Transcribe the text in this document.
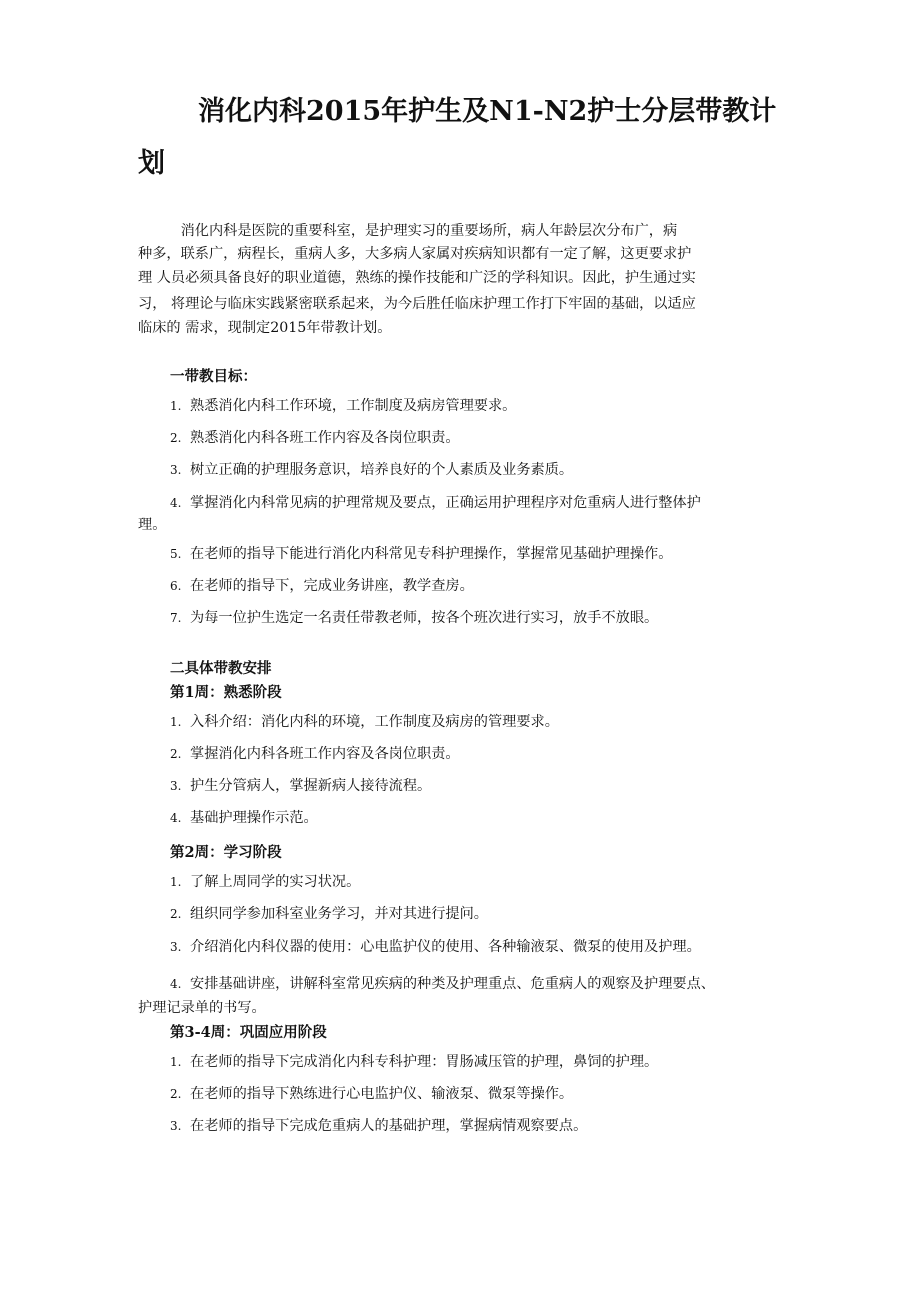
消化内科2015年护生及N1-N2护士分层带教计
划
　　　消化内科是医院的重要科室，是护理实习的重要场所，病人年龄层次分布广，病
种多，联系广，病程长，重病人多，大多病人家属对疾病知识都有一定了解，这更要求护
理 人员必须具备良好的职业道德，熟练的操作技能和广泛的学科知识。因此，护生通过实
习， 将理论与临床实践紧密联系起来，为今后胜任临床护理工作打下牢固的基础，以适应
临床的 需求，现制定2015年带教计划。
一带教目标：
1. 熟悉消化内科工作环境，工作制度及病房管理要求。
2. 熟悉消化内科各班工作内容及各岗位职责。
3. 树立正确的护理服务意识，培养良好的个人素质及业务素质。
4. 掌握消化内科常见病的护理常规及要点，正确运用护理程序对危重病人进行整体护
理。
5. 在老师的指导下能进行消化内科常见专科护理操作，掌握常见基础护理操作。
6. 在老师的指导下，完成业务讲座，教学查房。
7. 为每一位护生选定一名责任带教老师，按各个班次进行实习，放手不放眼。
二具体带教安排
第1周：熟悉阶段
1. 入科介绍：消化内科的环境，工作制度及病房的管理要求。
2. 掌握消化内科各班工作内容及各岗位职责。
3. 护生分管病人，掌握新病人接待流程。
4. 基础护理操作示范。
第2周：学习阶段
1. 了解上周同学的实习状况。
2. 组织同学参加科室业务学习，并对其进行提问。
3. 介绍消化内科仪器的使用：心电监护仪的使用、各种输液泵、微泵的使用及护理。
4. 安排基础讲座，讲解科室常见疾病的种类及护理重点、危重病人的观察及护理要点、
护理记录单的书写。
第3-4周：巩固应用阶段
1. 在老师的指导下完成消化内科专科护理：胃肠减压管的护理，鼻饲的护理。
2. 在老师的指导下熟练进行心电监护仪、输液泵、微泵等操作。
3. 在老师的指导下完成危重病人的基础护理，掌握病情观察要点。
